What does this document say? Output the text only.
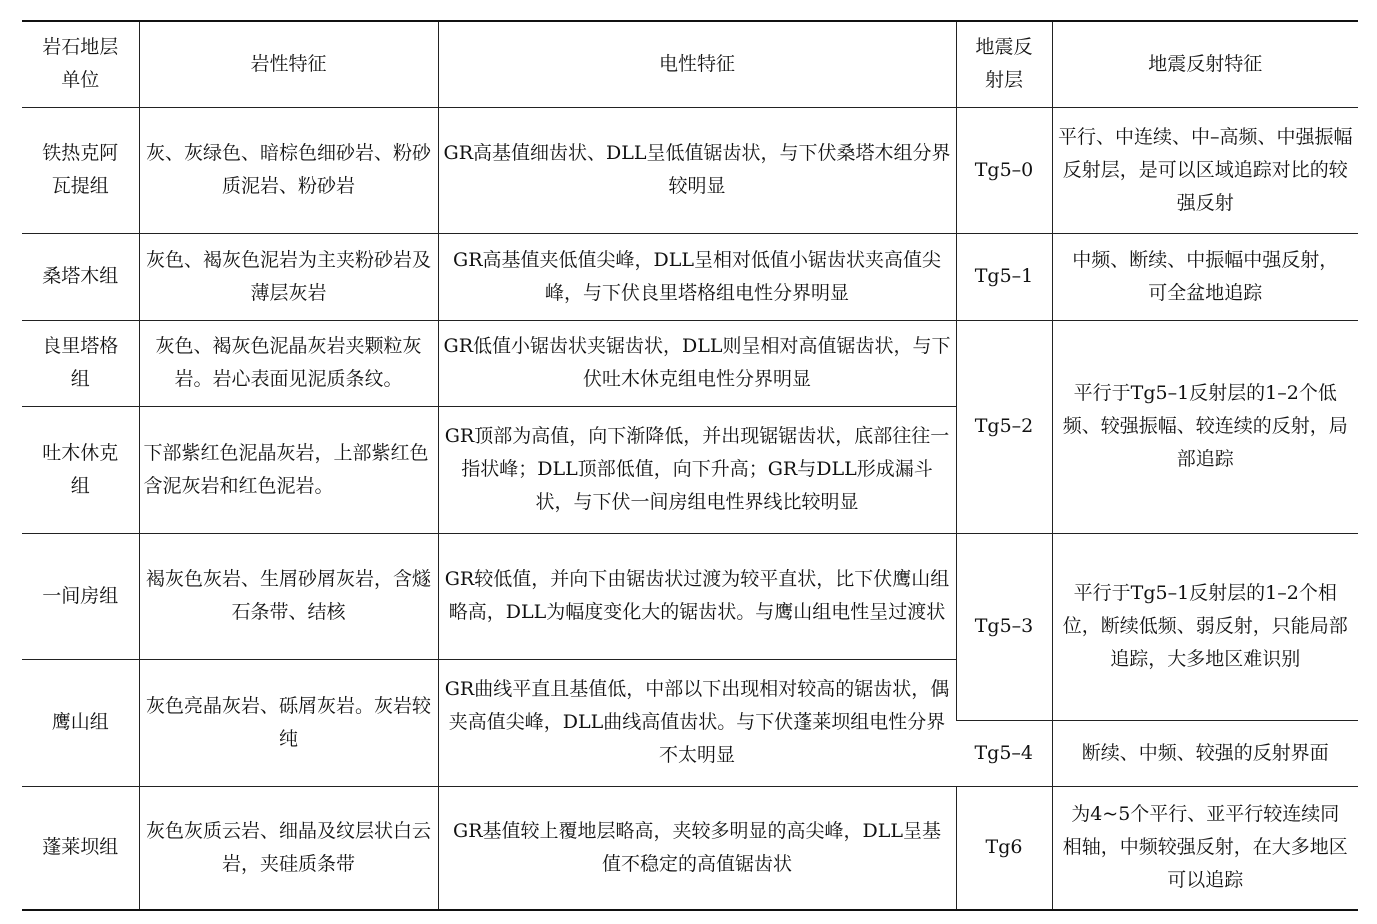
岩石地层单位	岩性特征	电性特征	地震反射层	地震反射特征
铁热克阿瓦提组	灰、灰绿色、暗棕色细砂岩、粉砂质泥岩、粉砂岩	GR高基值细齿状、DLL呈低值锯齿状，与下伏桑塔木组分界较明显	Tg5–0	平行、中连续、中–高频、中强振幅反射层，是可以区域追踪对比的较强反射
桑塔木组	灰色、褐灰色泥岩为主夹粉砂岩及薄层灰岩	GR高基值夹低值尖峰，DLL呈相对低值小锯齿状夹高值尖峰，与下伏良里塔格组电性分界明显	Tg5–1	中频、断续、中振幅中强反射，可全盆地追踪
良里塔格组	灰色、褐灰色泥晶灰岩夹颗粒灰岩。岩心表面见泥质条纹。	GR低值小锯齿状夹锯齿状，DLL则呈相对高值锯齿状，与下伏吐木休克组电性分界明显	Tg5–2	平行于Tg5–1反射层的1–2个低频、较强振幅、较连续的反射，局部追踪
吐木休克组	下部紫红色泥晶灰岩，上部紫红色含泥灰岩和红色泥岩。	GR顶部为高值，向下渐降低，并出现锯锯齿状，底部往往一指状峰；DLL顶部低值，向下升高；GR与DLL形成漏斗状，与下伏一间房组电性界线比较明显		
一间房组	褐灰色灰岩、生屑砂屑灰岩，含燧石条带、结核	GR较低值，并向下由锯齿状过渡为较平直状，比下伏鹰山组略高，DLL为幅度变化大的锯齿状。与鹰山组电性呈过渡状	Tg5–3	平行于Tg5–1反射层的1–2个相位，断续低频、弱反射，只能局部追踪，大多地区难识别
鹰山组	灰色亮晶灰岩、砾屑灰岩。灰岩较纯	GR曲线平直且基值低，中部以下出现相对较高的锯齿状，偶夹高值尖峰，DLL曲线高值齿状。与下伏蓬莱坝组电性分界不太明显		
			Tg5–4	断续、中频、较强的反射界面
蓬莱坝组	灰色灰质云岩、细晶及纹层状白云岩，夹硅质条带	GR基值较上覆地层略高，夹较多明显的高尖峰，DLL呈基值不稳定的高值锯齿状	Tg6	为4~5个平行、亚平行较连续同相轴，中频较强反射，在大多地区可以追踪
